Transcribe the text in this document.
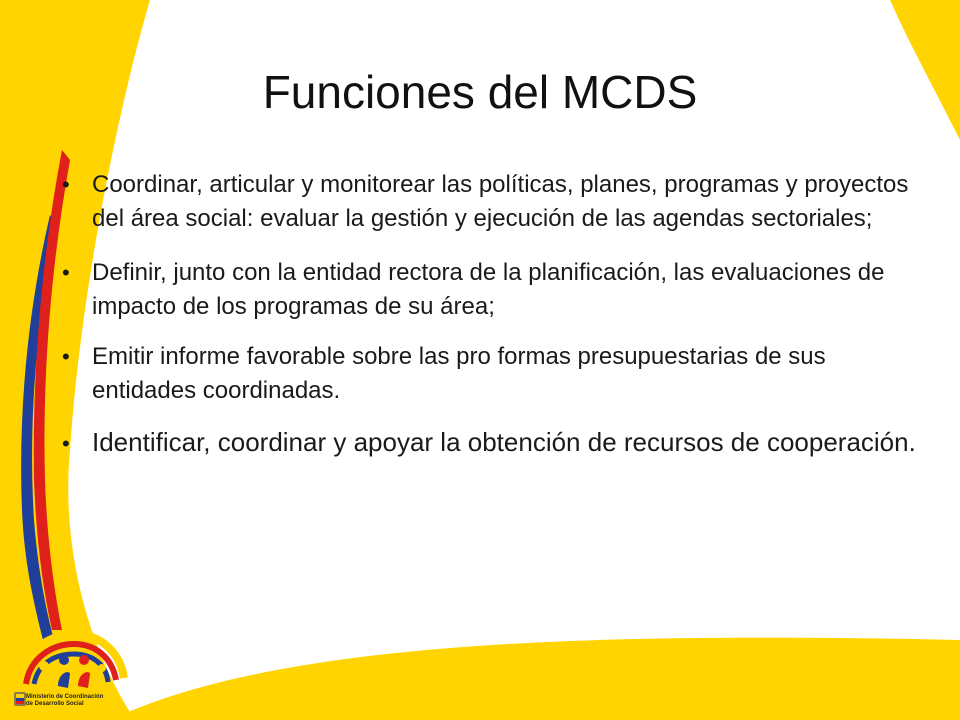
Funciones del MCDS
• Coordinar, articular y monitorear las políticas, planes, programas y proyectos del área social: evaluar la gestión y ejecución de las agendas sectoriales;
• Definir, junto con la entidad rectora de la planificación, las evaluaciones de impacto de los programas de su área;
• Emitir informe favorable sobre las pro formas presupuestarias de sus entidades coordinadas.
• Identificar, coordinar y apoyar la obtención de recursos de cooperación.
Ministerio de Coordinación
de Desarrollo Social
